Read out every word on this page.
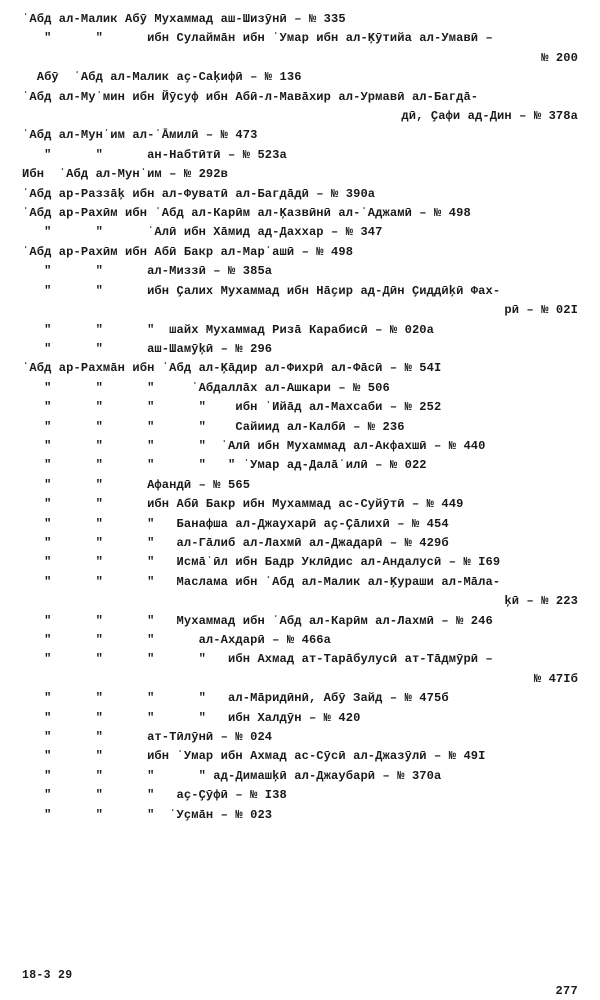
ʿАбд ал-Малик Абӯ Мухаммад аш-Шизӯнӣ – № 335
"      "      ибн Сулаймāн ибн ʿУмар ибн ал-Ķӯтийа ал-Умавӣ –
№ 200
Абӯ  ʿАбд ал-Малик аҫ-Саķифӣ – № 136
ʿАбд ал-Муʾмин ибн Йӯсуф ибн Абӣ-л-Мавāхир ал-Урмавӣ ал-Багдā-
дӣ, Ҫафи ад-Дин – № 378а
ʿАбд ал-Мунʿим ал-ʿĀмилӣ – № 473
"      "      ан-Набтӣтӣ – № 523а
Ибн  ʿАбд ал-Мунʿим – № 292в
ʿАбд ар-Раззāķ ибн ал-Фуватӣ ал-Багдāдӣ – № 390а
ʿАбд ар-Рахӣм ибн ʿАбд ал-Карӣм ал-Ķазвӣнӣ ал-ʿАджамӣ – № 498
"      "      ʿАлӣ ибн Хāмид ад-Даххар – № 347
ʿАбд ар-Рахӣм ибн Абӣ Бакр ал-Марʿашӣ – № 498
"      "      ал-Миззӣ – № 385а
"      "      ибн Ҫалих Мухаммад ибн Нāҫир ад-Дӣн Ҫиддӣķӣ Фах-
рӣ – № 02I
"      "      "  шайх Мухаммад Ризā Карабисӣ – № 020а
"      "      аш-Шамӯķӣ – № 296
ʿАбд ар-Рахмāн ибн ʿАбд ал-Ķāдир ал-Фихрӣ ал-Фāсӣ – № 54I
"      "      "     ʿАбдаллāх ал-Ашкари – № 506
"      "      "      "    ибн ʿИйāд ал-Махсаби – № 252
"      "      "      "    Сайиид ал-Калбӣ – № 236
"      "      "      "  ʿАлӣ ибн Мухаммад ал-Акфахшӣ – № 440
"      "      "      "   " ʿУмар ад-Далāʾилӣ – № 022
"      "      Афандӣ – № 565
"      "      ибн Абӣ Бакр ибн Мухаммад ас-Суйӯтӣ – № 449
"      "      "   Банафша ал-Джаухарӣ аҫ-Ҫāлихӣ – № 454
"      "      "   ал-Гāлиб ал-Лахмӣ ал-Джадарӣ – № 429б
"      "      "   Исмāʿӣл ибн Бадр Уклӣдис ал-Андалусӣ – № I69
"      "      "   Маслама ибн ʿАбд ал-Малик ал-Ķураши ал-Мāла-
ķӣ – № 223
"      "      "   Мухаммад ибн ʿАбд ал-Карӣм ал-Лахмӣ – № 246
"      "      "      ал-Ахдарӣ – № 466а
"      "      "      "   ибн Ахмад ат-Тарāбулусӣ ат-Тāдмӯрӣ –
№ 47Iб
"      "      "      "   ал-Мāридӣнӣ, Абӯ Зайд – № 475б
"      "      "      "   ибн Халдӯн – № 420
"      "      ат-Тӣлӯнӣ – № 024
"      "      ибн ʿУмар ибн Ахмад ас-Сӯсӣ ал-Джазӯлӣ – № 49I
"      "      "      " ад-Димашķӣ ал-Джаубарӣ – № 370а
"      "      "   аҫ-Ҫӯфӣ – № I38
"      "      "  ʿУҫмāн – № 023
18-3 29
277
